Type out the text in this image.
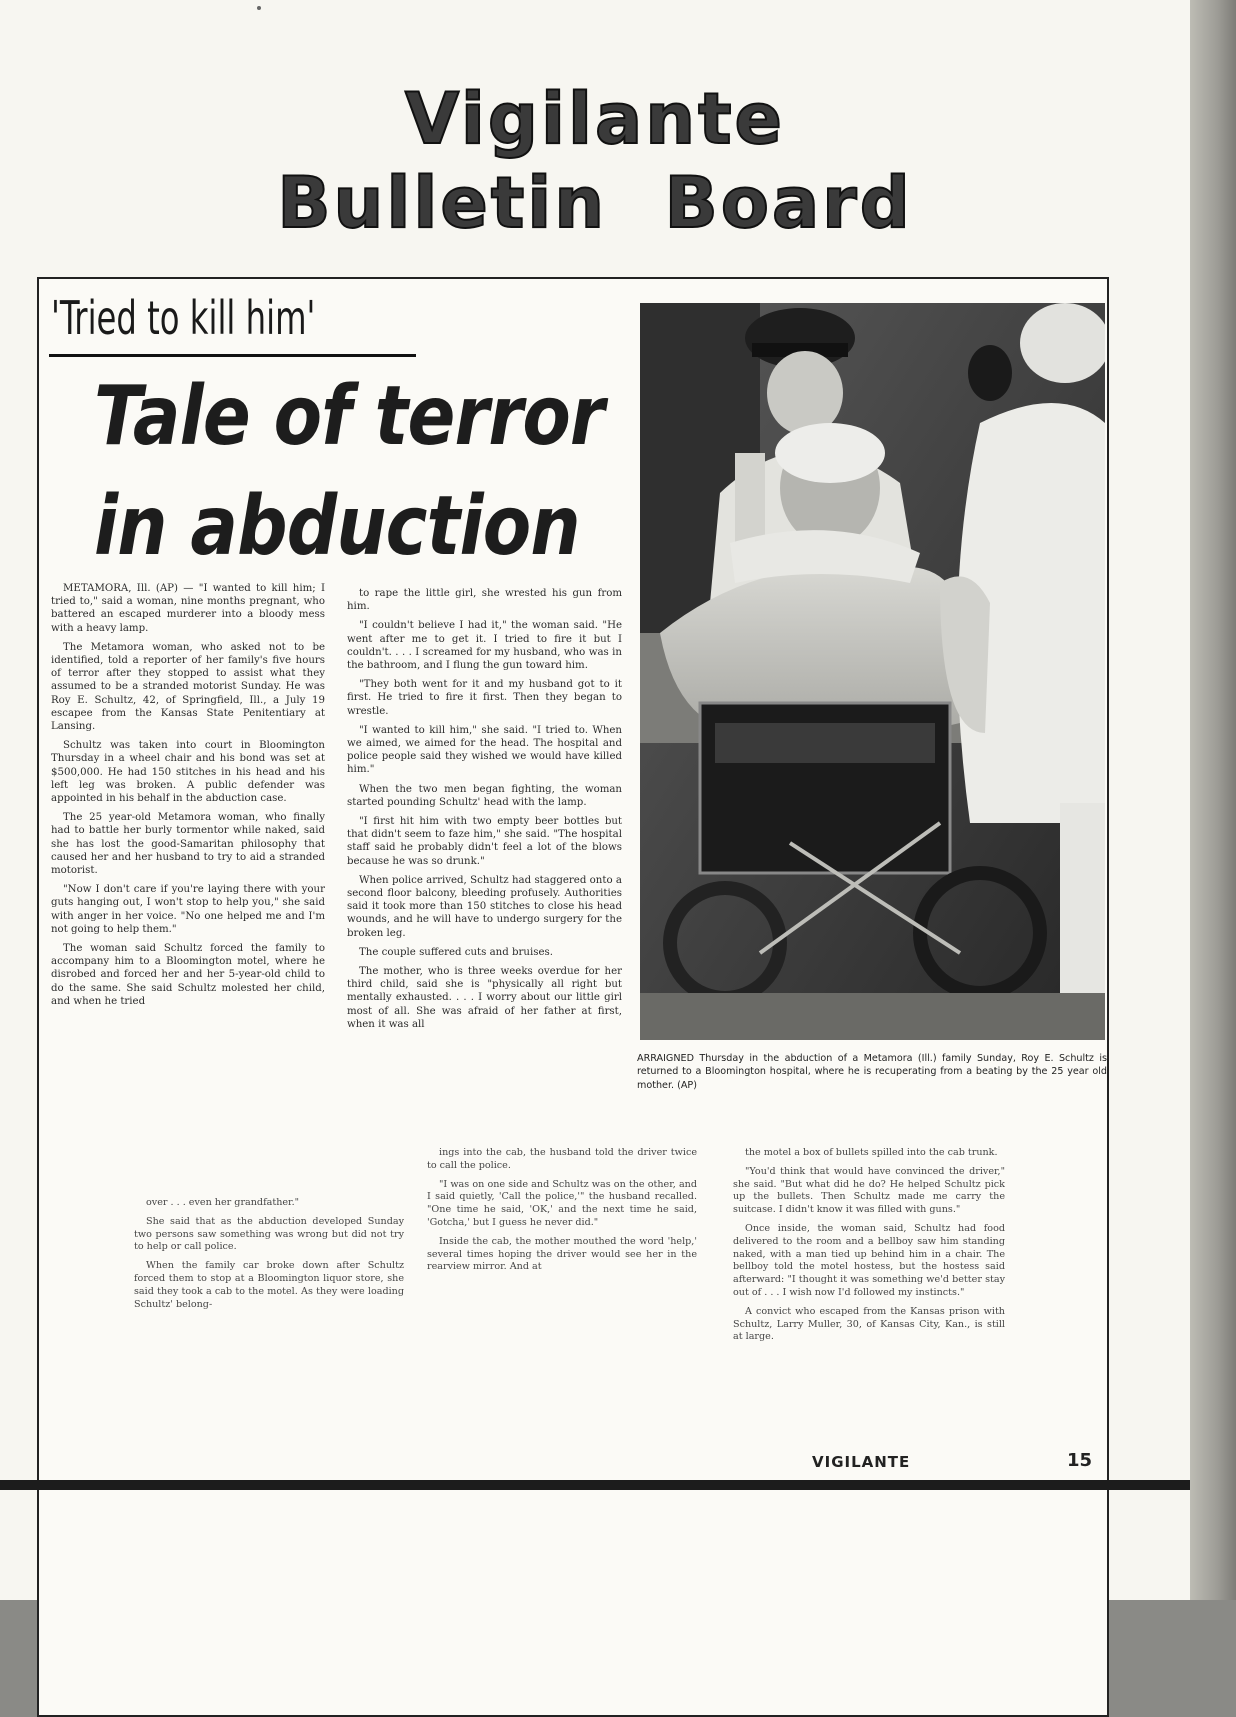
Vigilante
Bulletin Board
'Tried to kill him'
Tale of terror
in abduction

METAMORA, Ill. (AP) — "I wanted to kill him; I tried to," said a woman, nine months pregnant, who battered an escaped murderer into a bloody mess with a heavy lamp.

The Metamora woman, who asked not to be identified, told a reporter of her family's five hours of terror after they stopped to assist what they assumed to be a stranded motorist Sunday. He was Roy E. Schultz, 42, of Springfield, Ill., a July 19 escapee from the Kansas State Penitentiary at Lansing.

Schultz was taken into court in Bloomington Thursday in a wheel chair and his bond was set at $500,000. He had 150 stitches in his head and his left leg was broken. A public defender was appointed in his behalf in the abduction case.

The 25 year-old Metamora woman, who finally had to battle her burly tormentor while naked, said she has lost the good-Samaritan philosophy that caused her and her husband to try to aid a stranded motorist.

"Now I don't care if you're laying there with your guts hanging out, I won't stop to help you," she said with anger in her voice. "No one helped me and I'm not going to help them."

The woman said Schultz forced the family to accompany him to a Bloomington motel, where he disrobed and forced her and her 5-year-old child to do the same. She said Schultz molested her child, and when he tried

to rape the little girl, she wrested his gun from him.

"I couldn't believe I had it," the woman said. "He went after me to get it. I tried to fire it but I couldn't. . . . I screamed for my husband, who was in the bathroom, and I flung the gun toward him.

"They both went for it and my husband got to it first. He tried to fire it first. Then they began to wrestle.

"I wanted to kill him," she said. "I tried to. When we aimed, we aimed for the head. The hospital and police people said they wished we would have killed him."

When the two men began fighting, the woman started pounding Schultz' head with the lamp.

"I first hit him with two empty beer bottles but that didn't seem to faze him," she said. "The hospital staff said he probably didn't feel a lot of the blows because he was so drunk."

When police arrived, Schultz had staggered onto a second floor balcony, bleeding profusely. Authorities said it took more than 150 stitches to close his head wounds, and he will have to undergo surgery for the broken leg.

The couple suffered cuts and bruises.

The mother, who is three weeks overdue for her third child, said she is "physically all right but mentally exhausted. . . . I worry about our little girl most of all. She was afraid of her father at first, when it was all

ARRAIGNED Thursday in the abduction of a Metamora (Ill.) family Sunday, Roy E. Schultz is returned to a Bloomington hospital, where he is recuperating from a beating by the 25 year old mother. (AP)

over . . . even her grandfather."

She said that as the abduction developed Sunday two persons saw something was wrong but did not try to help or call police.

When the family car broke down after Schultz forced them to stop at a Bloomington liquor store, she said they took a cab to the motel. As they were loading Schultz' belong-

ings into the cab, the husband told the driver twice to call the police.

"I was on one side and Schultz was on the other, and I said quietly, 'Call the police,'" the husband recalled. "One time he said, 'OK,' and the next time he said, 'Gotcha,' but I guess he never did."

Inside the cab, the mother mouthed the word 'help,' several times hoping the driver would see her in the rearview mirror. And at

the motel a box of bullets spilled into the cab trunk.

"You'd think that would have convinced the driver," she said. "But what did he do? He helped Schultz pick up the bullets. Then Schultz made me carry the suitcase. I didn't know it was filled with guns."

Once inside, the woman said, Schultz had food delivered to the room and a bellboy saw him standing naked, with a man tied up behind him in a chair. The bellboy told the motel hostess, but the hostess said afterward: "I thought it was something we'd better stay out of . . . I wish now I'd followed my instincts."

A convict who escaped from the Kansas prison with Schultz, Larry Muller, 30, of Kansas City, Kan., is still at large.

VIGILANTE	15
